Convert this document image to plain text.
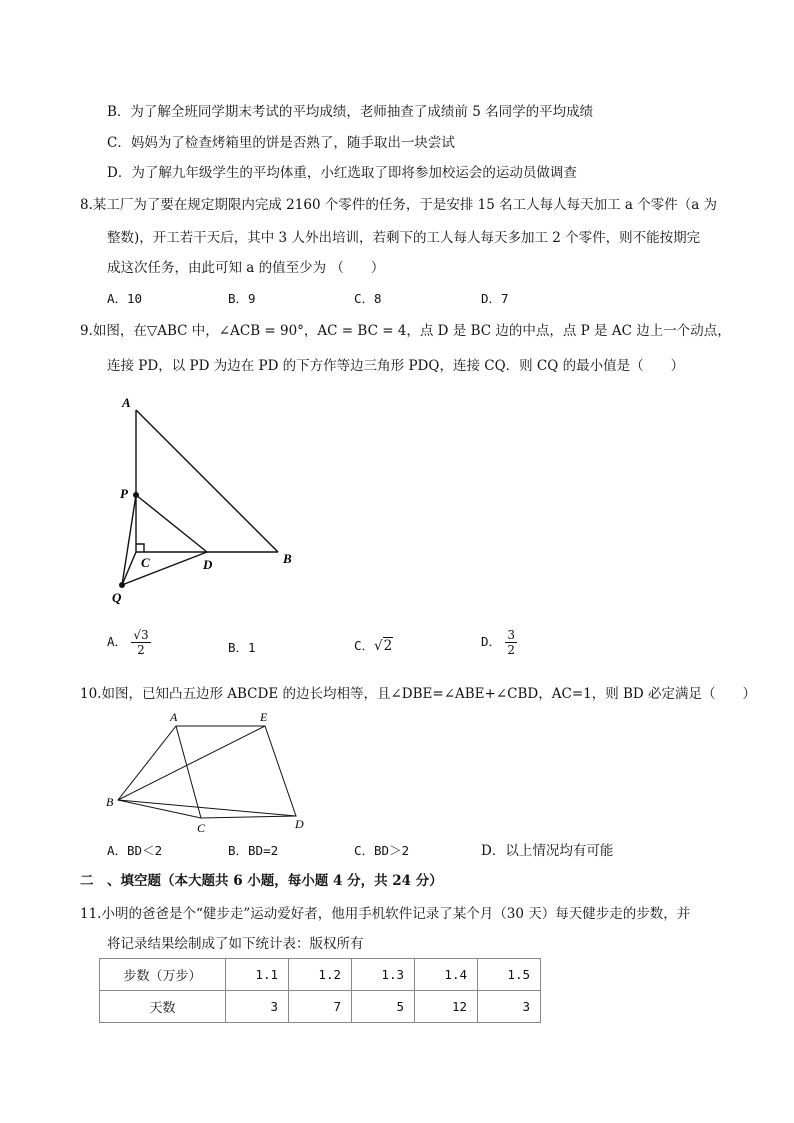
B．为了解全班同学期末考试的平均成绩，老师抽查了成绩前 5 名同学的平均成绩
C．妈妈为了检查烤箱里的饼是否熟了，随手取出一块尝试
D．为了解九年级学生的平均体重，小红选取了即将参加校运会的运动员做调查
8.某工厂为了要在规定期限内完成 2160 个零件的任务，于是安排 15 名工人每人每天加工 a 个零件（a 为
整数)，开工若干天后，其中 3 人外出培训，若剩下的工人每人每天多加工 2 个零件，则不能按期完
成这次任务，由此可知 a 的值至少为 （　　）
A．10	B．9	C．8	D．7
9.如图，在▽ABC 中，∠ACB = 90°，AC = BC = 4，点 D 是 BC 边的中点，点 P 是 AC 边上一个动点，
连接 PD，以 PD 为边在 PD 的下方作等边三角形 PDQ，连接 CQ．则 CQ 的最小值是（　　）
A
P
C	D	B
Q
A． $\frac{√3}{2}$	B．1	C．√2	D． $\frac{3}{2}$
10.如图，已知凸五边形 ABCDE 的边长均相等，且∠DBE=∠ABE+∠CBD，AC=1，则 BD 必定满足（　　）
A	E
B
C	D
A．BD＜2	B．BD=2	C．BD＞2	D．以上情况均有可能
二　、填空题（本大题共 6 小题，每小题 4 分，共 24 分）
11.小明的爸爸是个“健步走”运动爱好者，他用手机软件记录了某个月（30 天）每天健步走的步数，并
将记录结果绘制成了如下统计表：版权所有
步数（万步）	1.1	1.2	1.3	1.4	1.5
天数	3	7	5	12	3
